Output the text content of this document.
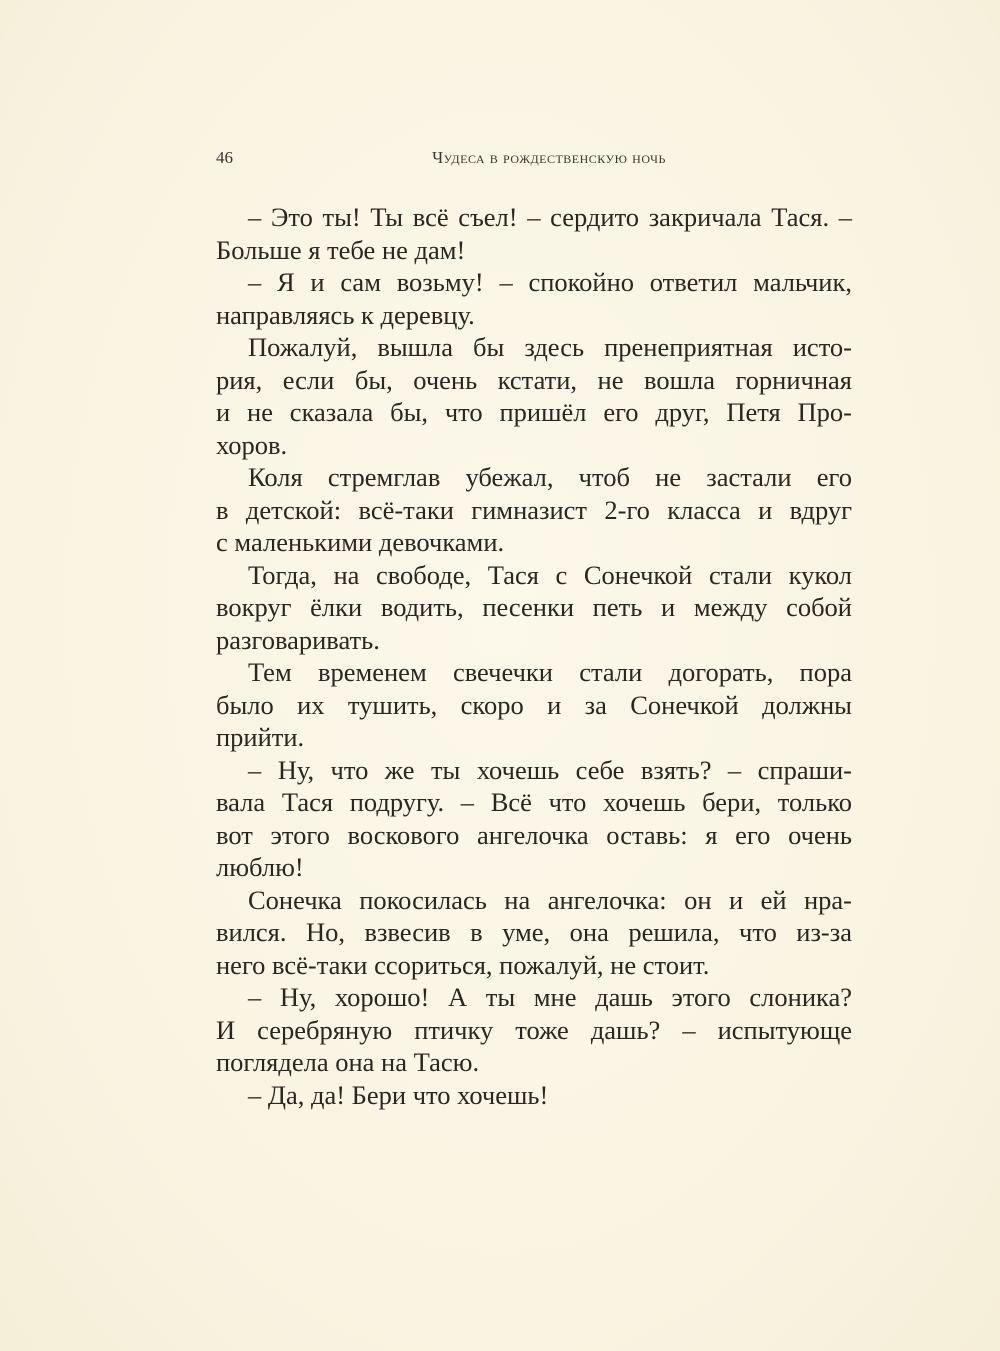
46	Чудеса в рождественскую ночь
– Это ты! Ты всё съел! – сердито закричала Тася. –
Больше я тебе не дам!
– Я и сам возьму! – спокойно ответил мальчик,
направляясь к деревцу.
Пожалуй, вышла бы здесь пренеприятная исто-
рия, если бы, очень кстати, не вошла горничная
и не сказала бы, что пришёл его друг, Петя Про-
хоров.
Коля стремглав убежал, чтоб не застали его
в детской: всё-таки гимназист 2-го класса и вдруг
с маленькими девочками.
Тогда, на свободе, Тася с Сонечкой стали кукол
вокруг ёлки водить, песенки петь и между собой
разговаривать.
Тем временем свечечки стали догорать, пора
было их тушить, скоро и за Сонечкой должны
прийти.
– Ну, что же ты хочешь себе взять? – спраши-
вала Тася подругу. – Всё что хочешь бери, только
вот этого воскового ангелочка оставь: я его очень
люблю!
Сонечка покосилась на ангелочка: он и ей нра-
вился. Но, взвесив в уме, она решила, что из-за
него всё-таки ссориться, пожалуй, не стоит.
– Ну, хорошо! А ты мне дашь этого слоника?
И серебряную птичку тоже дашь? – испытующе
поглядела она на Тасю.
– Да, да! Бери что хочешь!
